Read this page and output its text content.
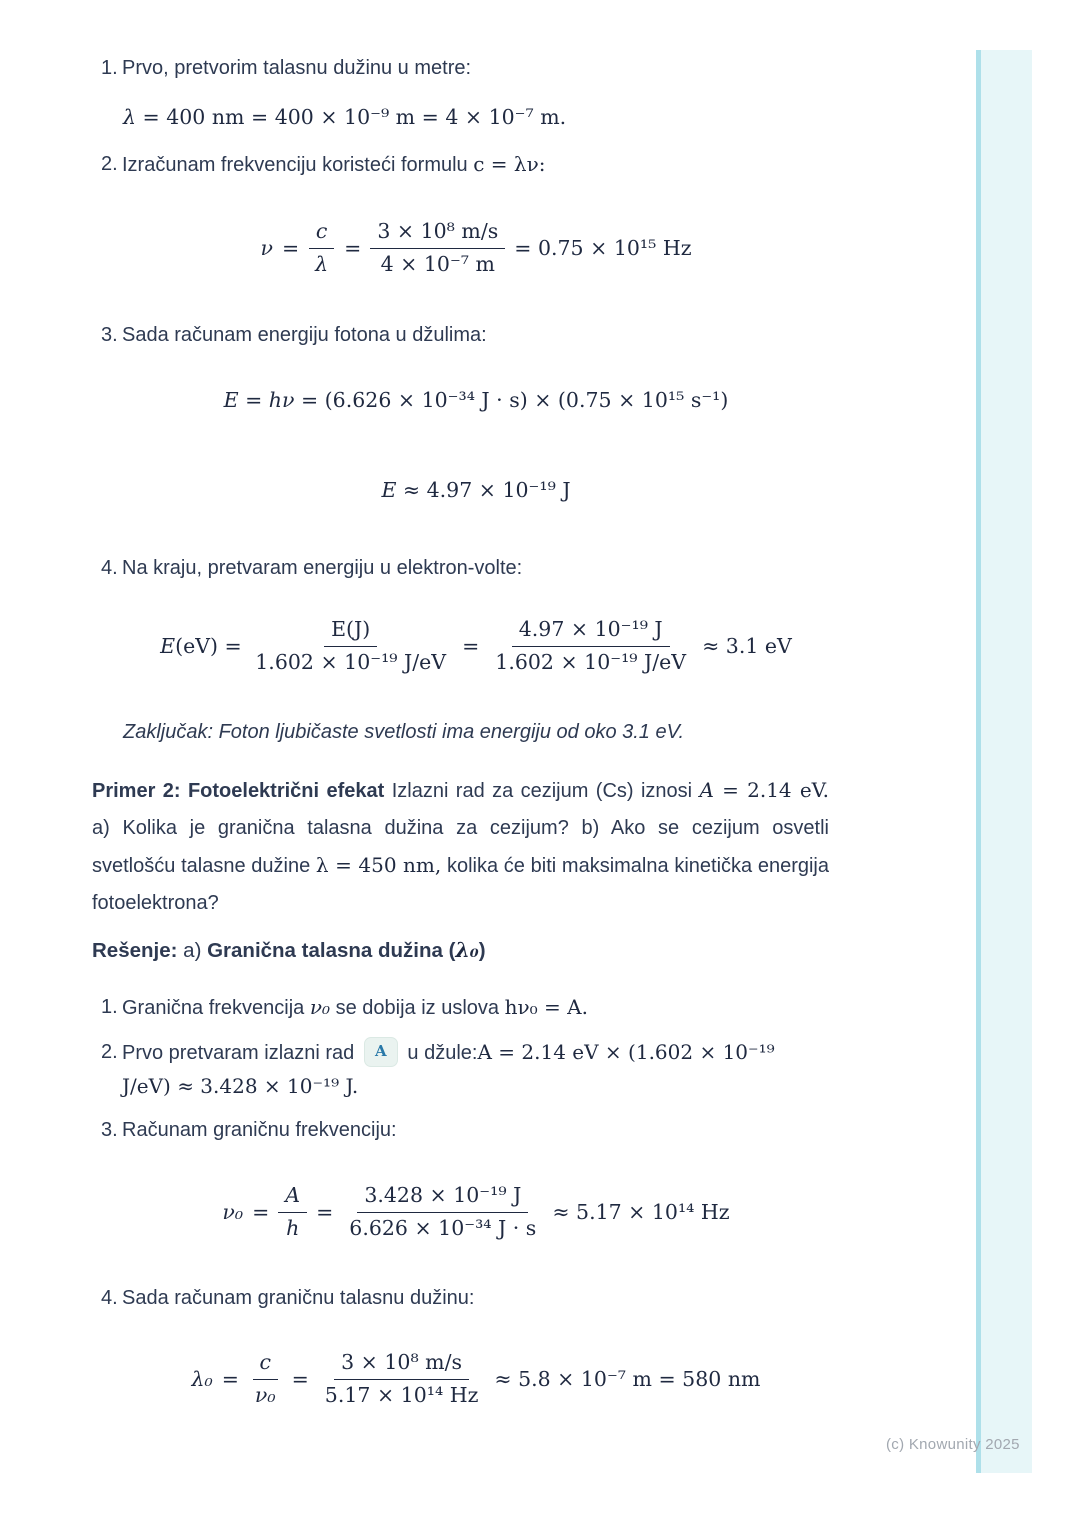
1. Prvo, pretvorim talasnu dužinu u metre:
λ = 400 nm = 400 × 10⁻⁹ m = 4 × 10⁻⁷ m.
2. Izračunam frekvenciju koristeći formulu c = λν:
$\nu = \frac{c}{\lambda} = \frac{\text{3 × 10⁸ m/s}}{\text{4 × 10⁻⁷ m}} = 0.75 \times 10^{15}$ Hz
3. Sada računam energiju fotona u džulima:
E = hν = (6.626 × 10⁻³⁴ J · s) × (0.75 × 10¹⁵ s⁻¹)
E ≈ 4.97 × 10⁻¹⁹ J
4. Na kraju, pretvaram energiju u elektron-volte:
E $(eV) = \frac{E(J)}{\text{1.602 × 10⁻¹⁹ J/eV}} = \frac{\text{4.97 × 10⁻¹⁹ J}}{\text{1.602 × 10⁻¹⁹ J/eV}} \approx 3.1$ eV
Zaključak: Foton ljubičaste svetlosti ima energiju od oko 3.1 eV.
Primer 2: Fotoelektrični efekat Izlazni rad za cezijum (Cs) iznosi A = 2.14 eV. a) Kolika je granična talasna dužina za cezijum? b) Ako se cezijum osvetli svetlošću talasne dužine λ = 450 nm, kolika će biti maksimalna kinetička energija fotoelektrona?
Rešenje: a) Granična talasna dužina (λ₀)
1. Granična frekvencija ν₀ se dobija iz uslova hν₀ = A.
2. Prvo pretvaram izlazni rad A u džule:A = 2.14 eV × (1.602 × 10⁻¹⁹ J/eV) ≈ 3.428 × 10⁻¹⁹ J.
3. Računam graničnu frekvenciju:
$\nu_0 = \frac{A}{h} = \frac{\text{3.428 × 10⁻¹⁹ J}}{\text{6.626 × 10⁻³⁴ J · s}} \approx 5.17 \times 10^{14}$ Hz
4. Sada računam graničnu talasnu dužinu:
$\lambda_0 = \frac{c}{\text{ν₀}} = \frac{\text{3 × 10⁸ m/s}}{\text{5.17 × 10¹⁴ Hz}} \approx 5.8 \times 10^{-7}$ m = 580 nm
(c) Knowunity 2025
